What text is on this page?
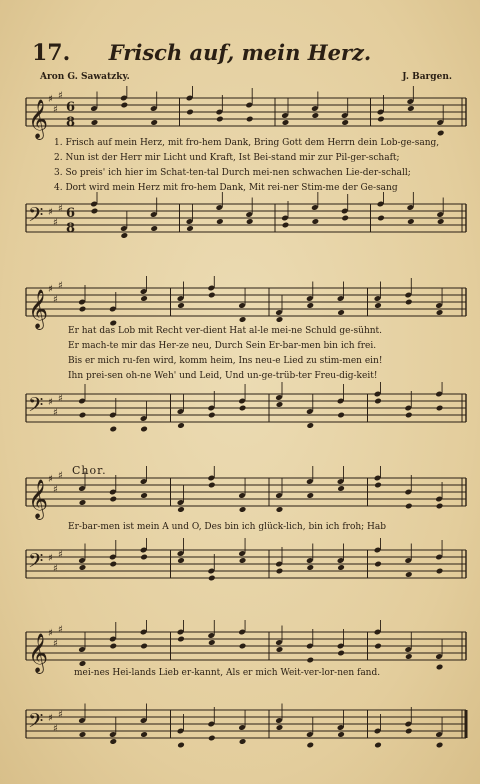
17.	Frisch auf, mein Herz.
Aron G. Sawatzky.	J. Bargen.
𝄞 ♯
♯
♯
6
8
1. Frisch auf mein Herz, mit fro-hem Dank, Bring Gott dem Herrn dein Lob-ge-sang,
2. Nun ist der Herr mir Licht und Kraft, Ist Bei-stand mir zur Pil-ger-schaft;
3. So preis' ich hier im Schat-ten-tal Durch mei-nen schwachen Lie-der-schall;
4. Dort wird mein Herz mit fro-hem Dank, Mit rei-ner Stim-me der Ge-sang
𝄢 ♯
♯
♯ 6
8
𝄞 ♯
♯
♯
Er hat das Lob mit Recht ver-dient Hat al-le mei-ne Schuld ge-sühnt.
Er mach-te mir das Her-ze neu, Durch Sein Er-bar-men bin ich frei.
Bis er mich ru-fen wird, komm heim, Ins neu-e Lied zu stim-men ein!
Ihn prei-sen oh-ne Weh' und Leid, Und un-ge-trüb-ter Freu-dig-keit!
𝄢 ♯
♯
♯
Chor.
𝄞 ♯
♯
♯
Er-bar-men ist mein A und O, Des bin ich glück-lich, bin ich froh; Hab
𝄢 ♯
♯
♯
𝄞 ♯
♯
♯
mei-nes Hei-lands Lieb er-kannt, Als er mich Weit-ver-lor-nen fand.
𝄢 ♯
♯
♯
